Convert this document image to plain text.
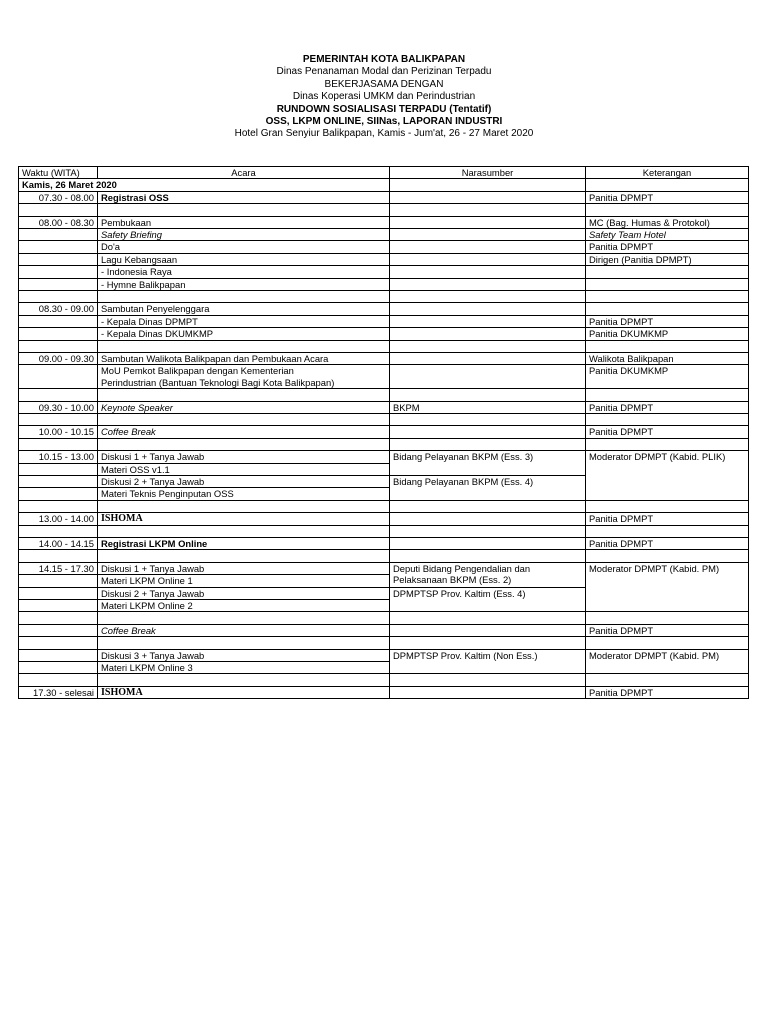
PEMERINTAH KOTA BALIKPAPAN
Dinas Penanaman Modal dan Perizinan Terpadu
BEKERJASAMA DENGAN
Dinas Koperasi UMKM dan Perindustrian
RUNDOWN SOSIALISASI TERPADU (Tentatif)
OSS, LKPM ONLINE, SIINas, LAPORAN INDUSTRI
Hotel Gran Senyiur Balikpapan, Kamis - Jum'at, 26 - 27 Maret 2020
Waktu (WITA)	Acara	Narasumber	Keterangan
Kamis, 26 Maret 2020			
07.30 - 08.00	Registrasi OSS		Panitia DPMPT

08.00 - 08.30	Pembukaan		MC (Bag. Humas & Protokol)
	Safety Briefing		Safety Team Hotel
	Do'a		Panitia DPMPT
	Lagu Kebangsaan		Dirigen (Panitia DPMPT)
	- Indonesia Raya		
	- Hymne Balikpapan		

08.30 - 09.00	Sambutan Penyelenggara		
	- Kepala Dinas DPMPT		Panitia DPMPT
	- Kepala Dinas DKUMKMP		Panitia DKUMKMP

09.00 - 09.30	Sambutan Walikota Balikpapan dan Pembukaan Acara		Walikota Balikpapan

	MoU Pemkot Balikpapan dengan Kementerian
Perindustrian (Bantuan Teknologi Bagi Kota Balikpapan)		Panitia DKUMKMP

09.30 - 10.00	Keynote Speaker	BKPM	Panitia DPMPT

10.00 - 10.15	Coffee Break		Panitia DPMPT

10.15 - 13.00	Diskusi 1 + Tanya Jawab	Bidang Pelayanan BKPM (Ess. 3)	Moderator DPMPT (Kabid. PLIK)
	Materi OSS v1.1		
	Diskusi 2 + Tanya Jawab	Bidang Pelayanan BKPM (Ess. 4)	
	Materi Teknis Penginputan OSS		

13.00 - 14.00	ISHOMA		Panitia DPMPT

14.00 - 14.15	Registrasi LKPM Online		Panitia DPMPT

14.15 - 17.30	Diskusi 1 + Tanya Jawab	Deputi Bidang Pengendalian dan
Pelaksanaan BKPM (Ess. 2)	Moderator DPMPT (Kabid. PM)
	Materi LKPM Online 1		
	Diskusi 2 + Tanya Jawab	DPMPTSP Prov. Kaltim (Ess. 4)	
	Materi LKPM Online 2		

	Coffee Break		Panitia DPMPT

	Diskusi 3 + Tanya Jawab	DPMPTSP Prov. Kaltim (Non Ess.)	Moderator DPMPT (Kabid. PM)
	Materi LKPM Online 3		

17.30 - selesai	ISHOMA		Panitia DPMPT
